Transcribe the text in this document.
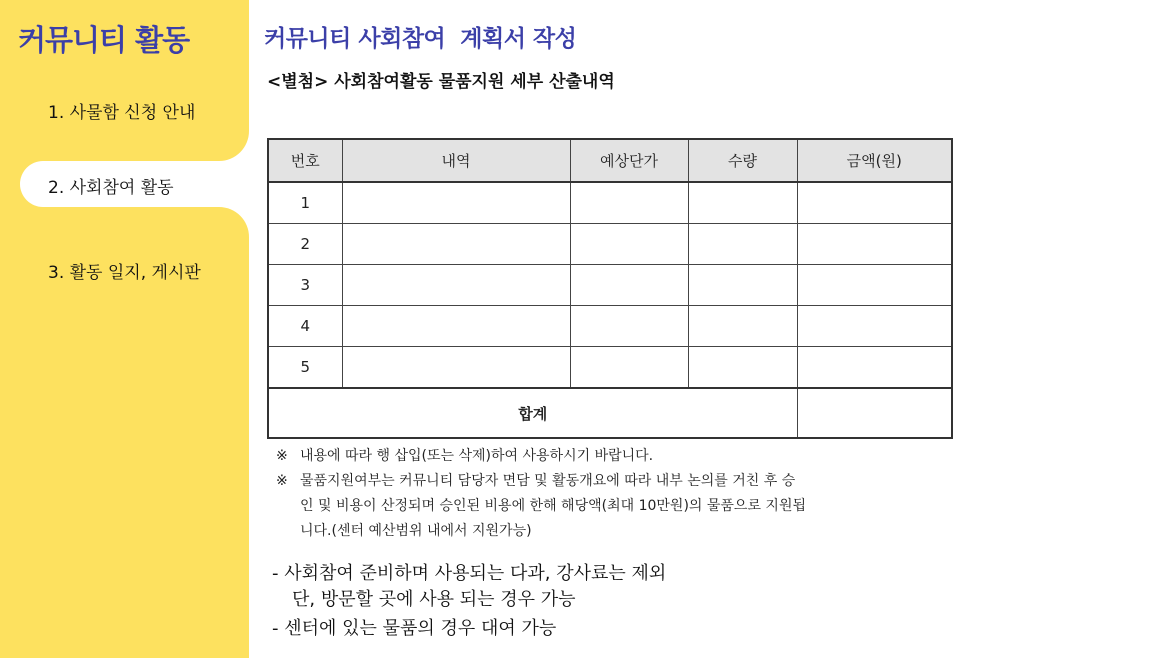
커뮤니티 활동
1. 사물함 신청 안내
2. 사회참여 활동
3. 활동 일지, 게시판
커뮤니티 사회참여  계획서 작성
<별첨> 사회참여활동 물품지원 세부 산출내역
번호	내역	예상단가	수량	금액(원)
1				
2				
3				
4				
5				
합계				
※ 내용에 따라 행 삽입(또는 삭제)하여 사용하시기 바랍니다.
※ 물품지원여부는 커뮤니티 담당자 면담 및 활동개요에 따라 내부 논의를 거친 후 승
인 및 비용이 산정되며 승인된 비용에 한해 해당액(최대 10만원)의 물품으로 지원됩
니다.(센터 예산범위 내에서 지원가능)
- 사회참여 준비하며 사용되는 다과, 강사료는 제외
단, 방문할 곳에 사용 되는 경우 가능
- 센터에 있는 물품의 경우 대여 가능
